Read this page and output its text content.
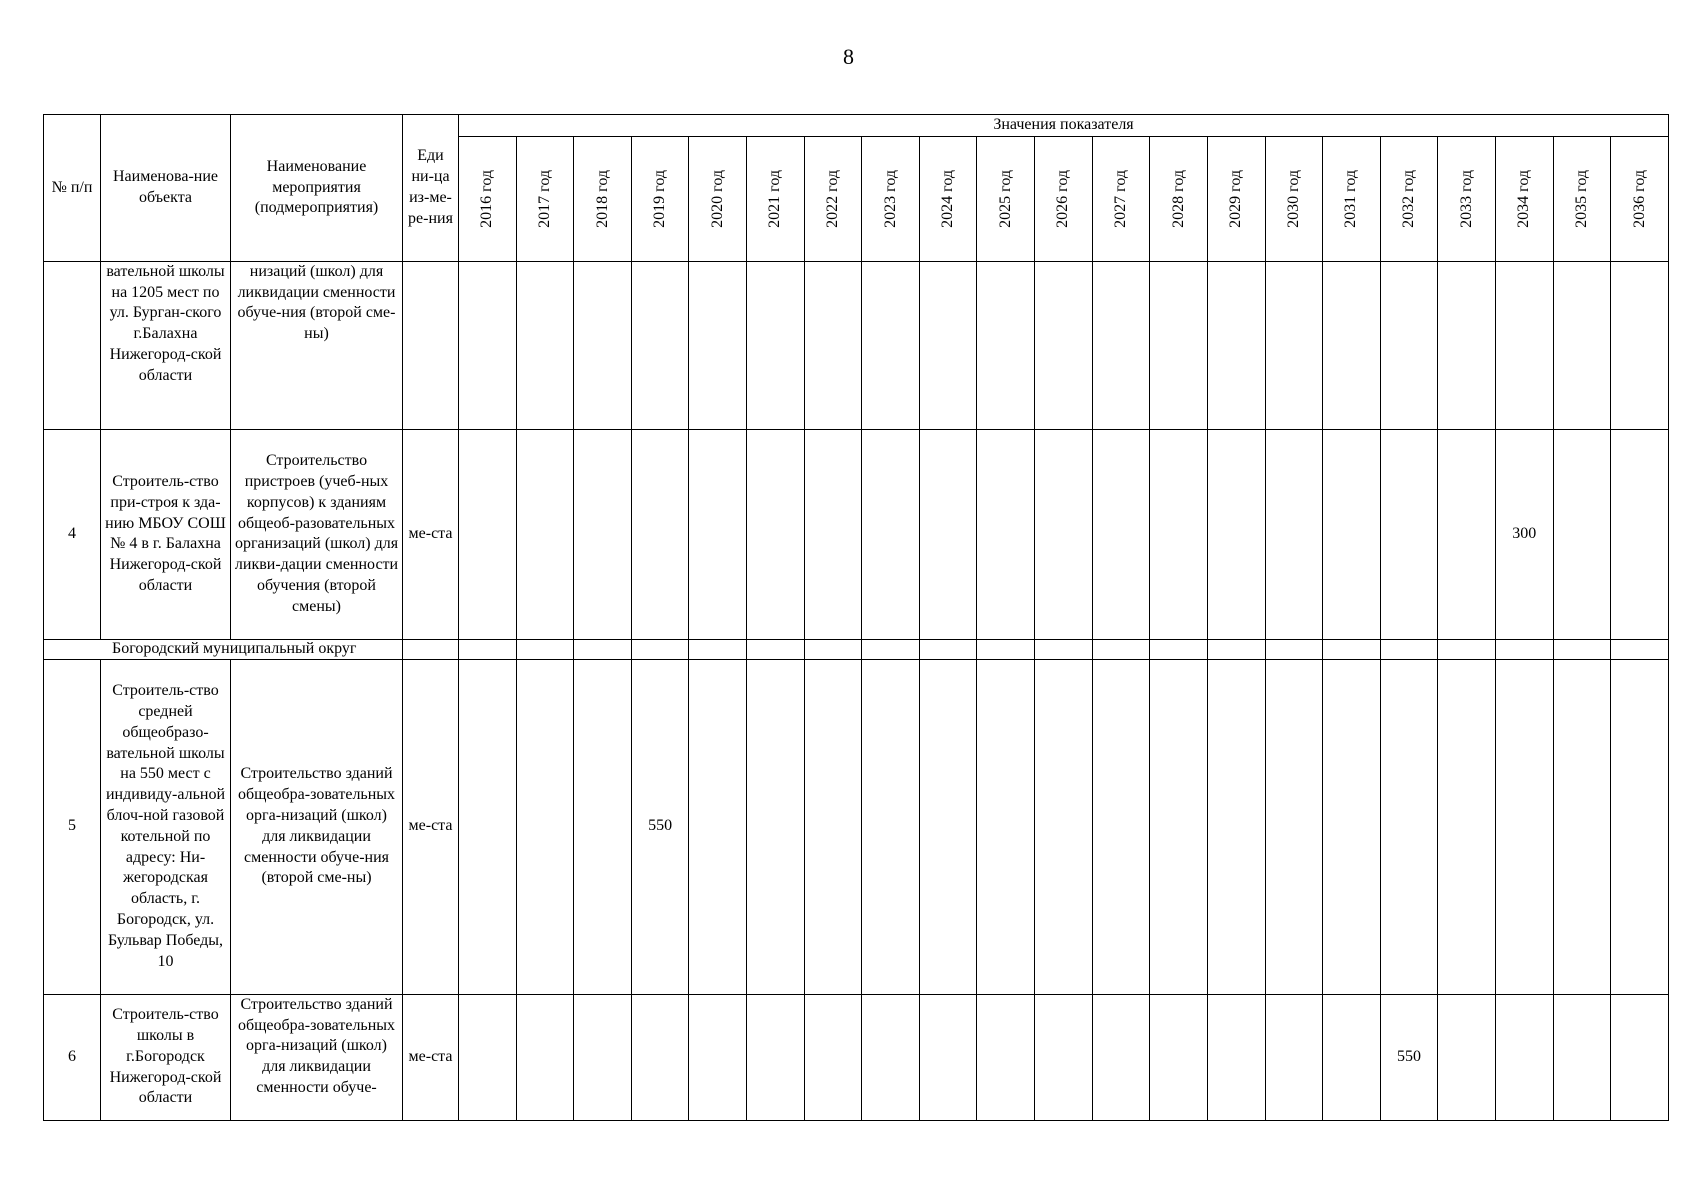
8
№ п/п	Наименова-ние объекта	Наименование мероприятия (подмероприятия)	Еди ни-ца из-ме-ре-ния	Значения показателя																				

				2016 год	2017 год	2018 год	2019 год	2020 год	2021 год	2022 год	2023 год	2024 год	2025 год	2026 год	2027 год	2028 год	2029 год	2030 год	2031 год	2032 год	2033 год	2034 год	2035 год	2036 год

	вательной школы на 1205 мест по ул. Бурган-ского г.Балахна Нижегород-ской области	низаций (школ) для ликвидации сменности обуче-ния (второй сме-ны)																						
4	Строитель-ство при-строя к зда-нию МБОУ СОШ № 4 в г. Балахна Нижегород-ской области	Строительство пристроев (учеб-ных корпусов) к зданиям общеоб-разовательных организаций (школ) для ликви-дации сменности обучения (второй смены)	ме-ста																			300		
Богородский муниципальный округ																								
5	Строитель-ство средней общеобразо-вательной школы на 550 мест с индивиду-альной блоч-ной газовой котельной по адресу: Ни-жегородская область, г. Богородск, ул. Бульвар Победы, 10	Строительство зданий общеобра-зовательных орга-низаций (школ) для ликвидации сменности обуче-ния (второй сме-ны)	ме-ста				550																	
6	Строитель-ство школы в г.Богородск Нижегород-ской области	Строительство зданий общеобра-зовательных орга-низаций (школ) для ликвидации сменности обуче-	ме-ста																	550				
